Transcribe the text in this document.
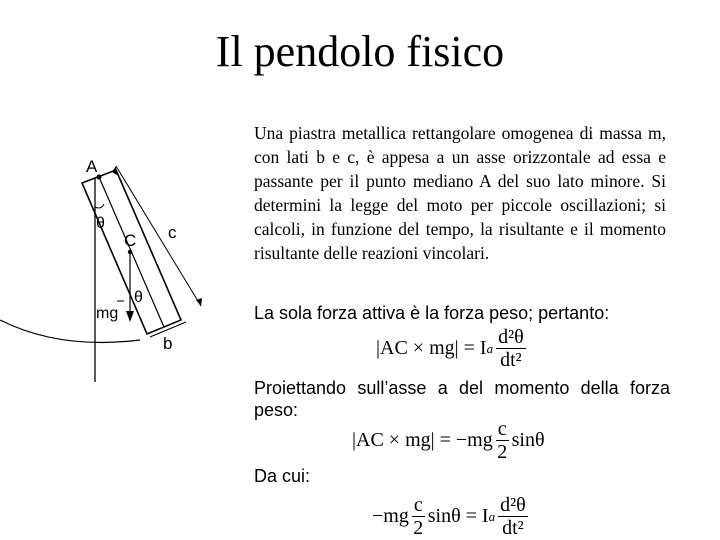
Il pendolo fisico
Una piastra metallica rettangolare omogenea di massa m, con lati b e c, è appesa a un asse orizzontale ad essa e passante per il punto mediano A del suo lato minore. Si determini la legge del moto per piccole oscillazioni; si calcoli, in funzione del tempo, la risultante e il momento risultante delle reazioni vincolari.
A
θ
C c
θ
mg
b
La sola forza attiva è la forza peso; pertanto:
|AC × mg| = I a $\frac{\text{d²θ}}{\text{dt²}}$
Proiettando sull’asse a del momento della forza peso:
$|AC \times mg| = -mg \frac{c}{2}$ sinθ
Da cui:
$-mg \frac{c}{2}$ sinθ = I a $\frac{\text{d²θ}}{\text{dt²}}$
